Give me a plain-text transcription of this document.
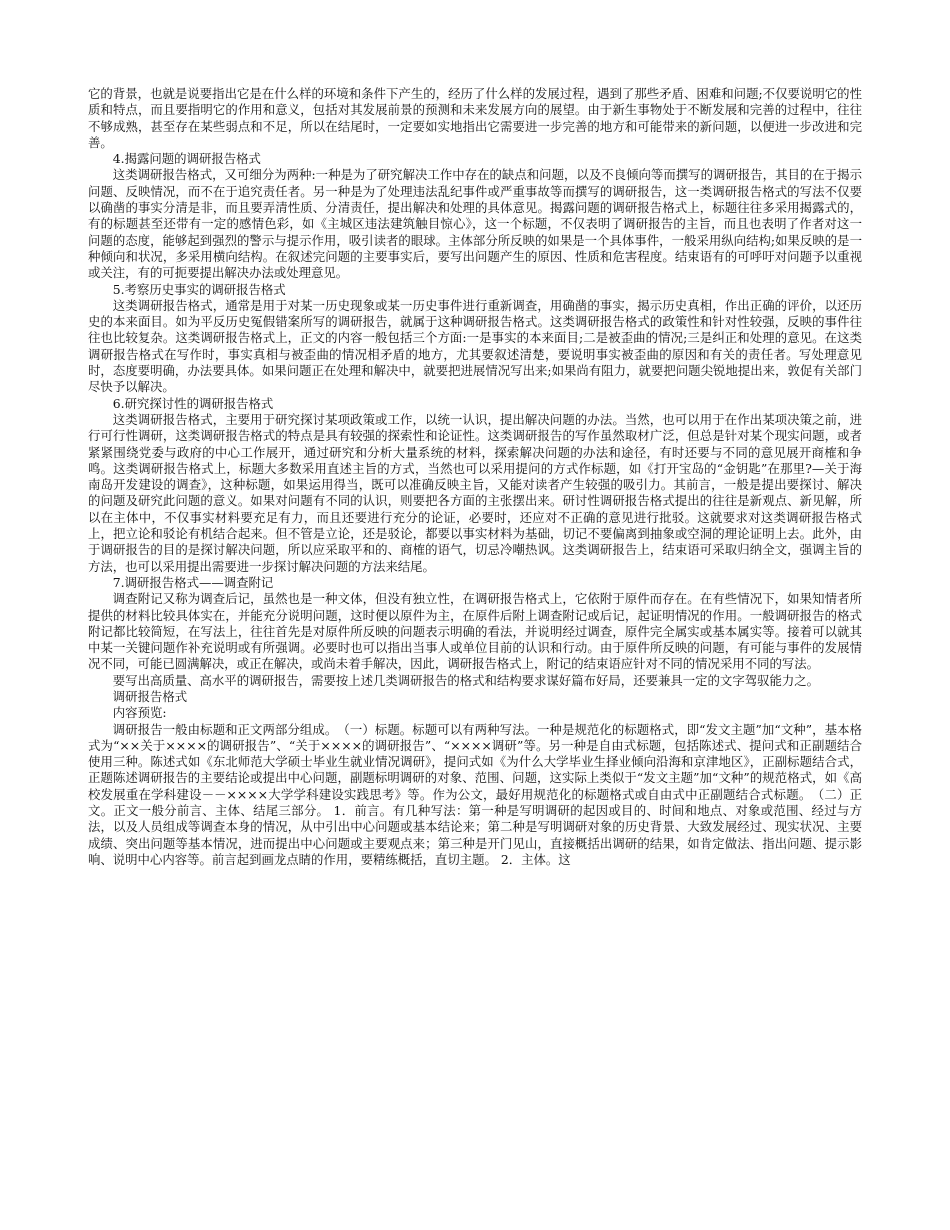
它的背景，也就是说要指出它是在什么样的环境和条件下产生的，经历了什么样的发展过程，遇到了那些矛盾、困难和问题;不仅要说明它的性质和特点，而且要指明它的作用和意义，包括对其发展前景的预测和未来发展方向的展望。由于新生事物处于不断发展和完善的过程中，往往不够成熟，甚至存在某些弱点和不足，所以在结尾时，一定要如实地指出它需要进一步完善的地方和可能带来的新问题，以便进一步改进和完善。

4.揭露问题的调研报告格式

这类调研报告格式，又可细分为两种:一种是为了研究解决工作中存在的缺点和问题，以及不良倾向等而撰写的调研报告，其目的在于揭示问题、反映情况，而不在于追究责任者。另一种是为了处理违法乱纪事件或严重事故等而撰写的调研报告，这一类调研报告格式的写法不仅要以确凿的事实分清是非，而且要弄清性质、分清责任，提出解决和处理的具体意见。揭露问题的调研报告格式上，标题往往多采用揭露式的，有的标题甚至还带有一定的感情色彩，如《主城区违法建筑触目惊心》，这一个标题，不仅表明了调研报告的主旨，而且也表明了作者对这一问题的态度，能够起到强烈的警示与提示作用，吸引读者的眼球。主体部分所反映的如果是一个具体事件，一般采用纵向结构;如果反映的是一种倾向和状况，多采用横向结构。在叙述完问题的主要事实后，要写出问题产生的原因、性质和危害程度。结束语有的可呼吁对问题予以重视或关注，有的可扼要提出解决办法或处理意见。

5.考察历史事实的调研报告格式

这类调研报告格式，通常是用于对某一历史现象或某一历史事件进行重新调查，用确凿的事实，揭示历史真相，作出正确的评价，以还历史的本来面目。如为平反历史冤假错案所写的调研报告，就属于这种调研报告格式。这类调研报告格式的政策性和针对性较强，反映的事件往往也比较复杂。这类调研报告格式上，正文的内容一般包括三个方面:一是事实的本来面目;二是被歪曲的情况;三是纠正和处理的意见。在这类调研报告格式在写作时，事实真相与被歪曲的情况相矛盾的地方，尤其要叙述清楚，要说明事实被歪曲的原因和有关的责任者。写处理意见时，态度要明确，办法要具体。如果问题正在处理和解决中，就要把进展情况写出来;如果尚有阻力，就要把问题尖锐地提出来，敦促有关部门尽快予以解决。

6.研究探讨性的调研报告格式

这类调研报告格式，主要用于研究探讨某项政策或工作，以统一认识，提出解决问题的办法。当然，也可以用于在作出某项决策之前，进行可行性调研，这类调研报告格式的特点是具有较强的探索性和论证性。这类调研报告的写作虽然取材广泛，但总是针对某个现实问题，或者紧紧围绕党委与政府的中心工作展开，通过研究和分析大量系统的材料，探索解决问题的办法和途径，有时还要与不同的意见展开商榷和争鸣。这类调研报告格式上，标题大多数采用直述主旨的方式，当然也可以采用提问的方式作标题，如《打开宝岛的“金钥匙”在那里?—关于海南岛开发建设的调查》，这种标题，如果运用得当，既可以准确反映主旨，又能对读者产生较强的吸引力。其前言，一般是提出要探讨、解决的问题及研究此问题的意义。如果对问题有不同的认识，则要把各方面的主张摆出来。研讨性调研报告格式提出的往往是新观点、新见解，所以在主体中，不仅事实材料要充足有力，而且还要进行充分的论证，必要时，还应对不正确的意见进行批驳。这就要求对这类调研报告格式上，把立论和驳论有机结合起来。但不管是立论，还是驳论，都要以事实材料为基础，切记不要偏离到抽象或空洞的理论证明上去。此外，由于调研报告的目的是探讨解决问题，所以应采取平和的、商榷的语气，切忌冷嘲热讽。这类调研报告上，结束语可采取归纳全文，强调主旨的方法，也可以采用提出需要进一步探讨解决问题的方法来结尾。

7.调研报告格式——调查附记

调查附记又称为调查后记，虽然也是一种文体，但没有独立性，在调研报告格式上，它依附于原件而存在。在有些情况下，如果知情者所提供的材料比较具体实在，并能充分说明问题，这时便以原件为主，在原件后附上调查附记或后记，起证明情况的作用。一般调研报告的格式附记都比较简短，在写法上，往往首先是对原件所反映的问题表示明确的看法，并说明经过调查，原件完全属实或基本属实等。接着可以就其中某一关键问题作补充说明或有所强调。必要时也可以指出当事人或单位目前的认识和行动。由于原件所反映的问题，有可能与事件的发展情况不同，可能已圆满解决，或正在解决，或尚未着手解决，因此，调研报告格式上，附记的结束语应针对不同的情况采用不同的写法。

要写出高质量、高水平的调研报告，需要按上述几类调研报告的格式和结构要求谋好篇布好局，还要兼具一定的文字驾驭能力之。

调研报告格式

内容预览:

调研报告一般由标题和正文两部分组成。　（一）标题。标题可以有两种写法。一种是规范化的标题格式，即“发文主题”加“文种”，基本格式为“××关于××××的调研报告”、“关于××××的调研报告”、“××××调研”等。另一种是自由式标题，包括陈述式、提问式和正副题结合使用三种。陈述式如《东北师范大学硕士毕业生就业情况调研》，提问式如《为什么大学毕业生择业倾向沿海和京津地区》，正副标题结合式，正题陈述调研报告的主要结论或提出中心问题，副题标明调研的对象、范围、问题，这实际上类似于“发文主题”加“文种”的规范格式，如《高校发展重在学科建设－－××××大学学科建设实践思考》等。作为公文，最好用规范化的标题格式或自由式中正副题结合式标题。　（二）正文。正文一般分前言、主体、结尾三部分。 1．前言。有几种写法：第一种是写明调研的起因或目的、时间和地点、对象或范围、经过与方法，以及人员组成等调查本身的情况，从中引出中心问题或基本结论来；第二种是写明调研对象的历史背景、大致发展经过、现实状况、主要成绩、突出问题等基本情况，进而提出中心问题或主要观点来；第三种是开门见山，直接概括出调研的结果，如肯定做法、指出问题、提示影响、说明中心内容等。前言起到画龙点睛的作用，要精练概括，直切主题。 2．主体。这
